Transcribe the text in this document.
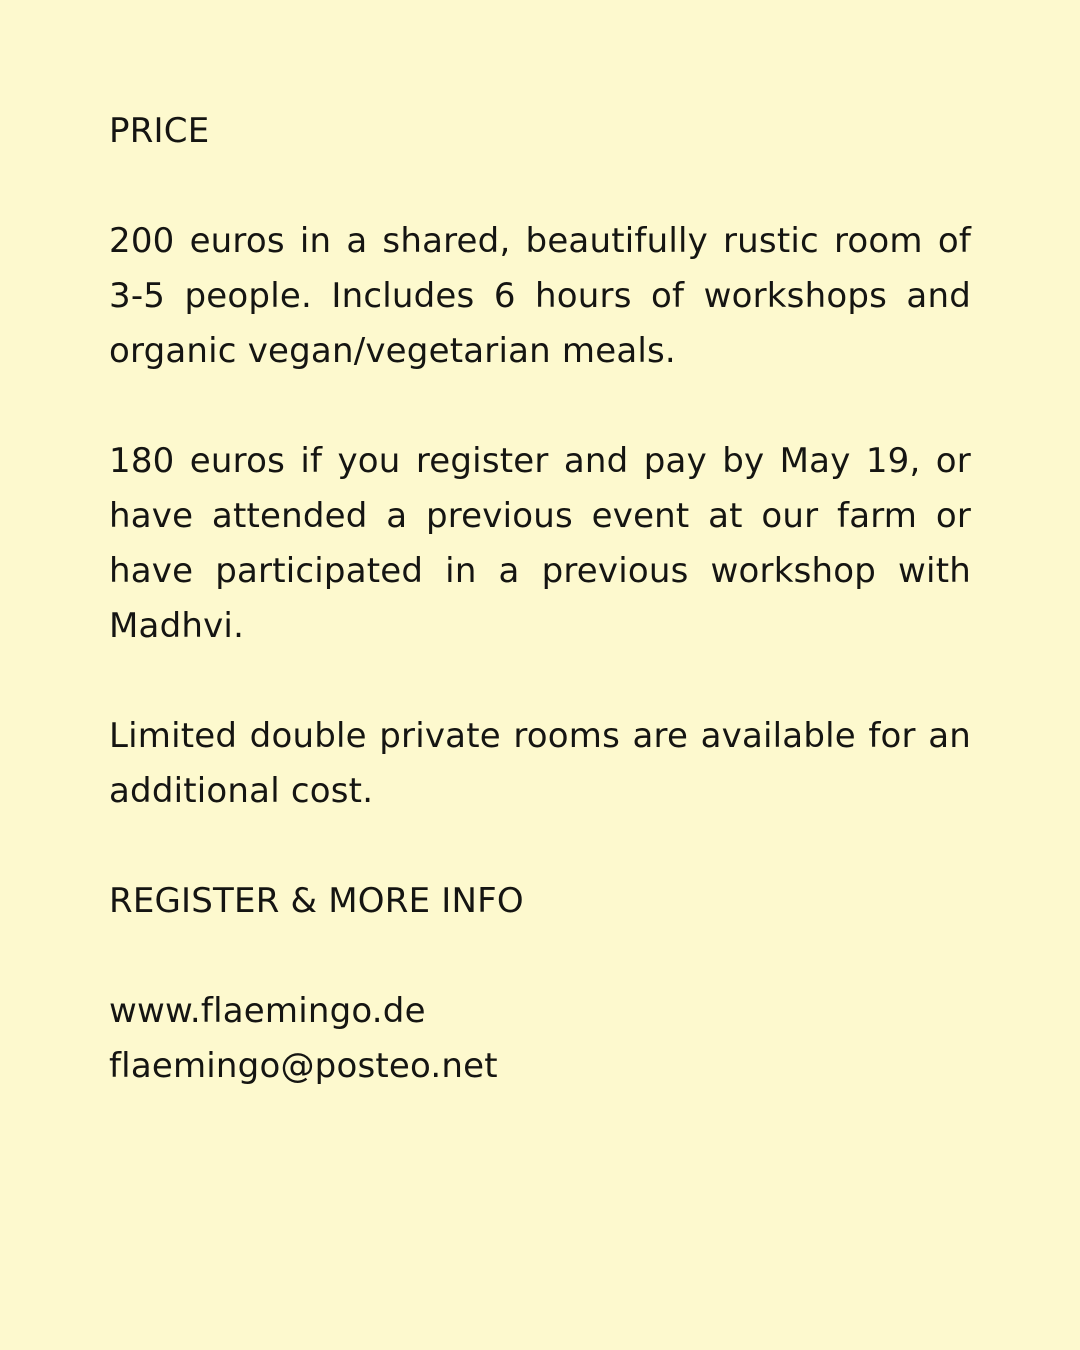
PRICE

200 euros in a shared, beautifully rustic room of 3-5 people. Includes 6 hours of workshops and organic vegan/vegetarian meals.

180 euros if you register and pay by May 19, or have attended a previous event at our farm or have participated in a previous workshop with Madhvi.

Limited double private rooms are available for an additional cost.

REGISTER & MORE INFO
www.flaemingo.de
flaemingo@posteo.net
